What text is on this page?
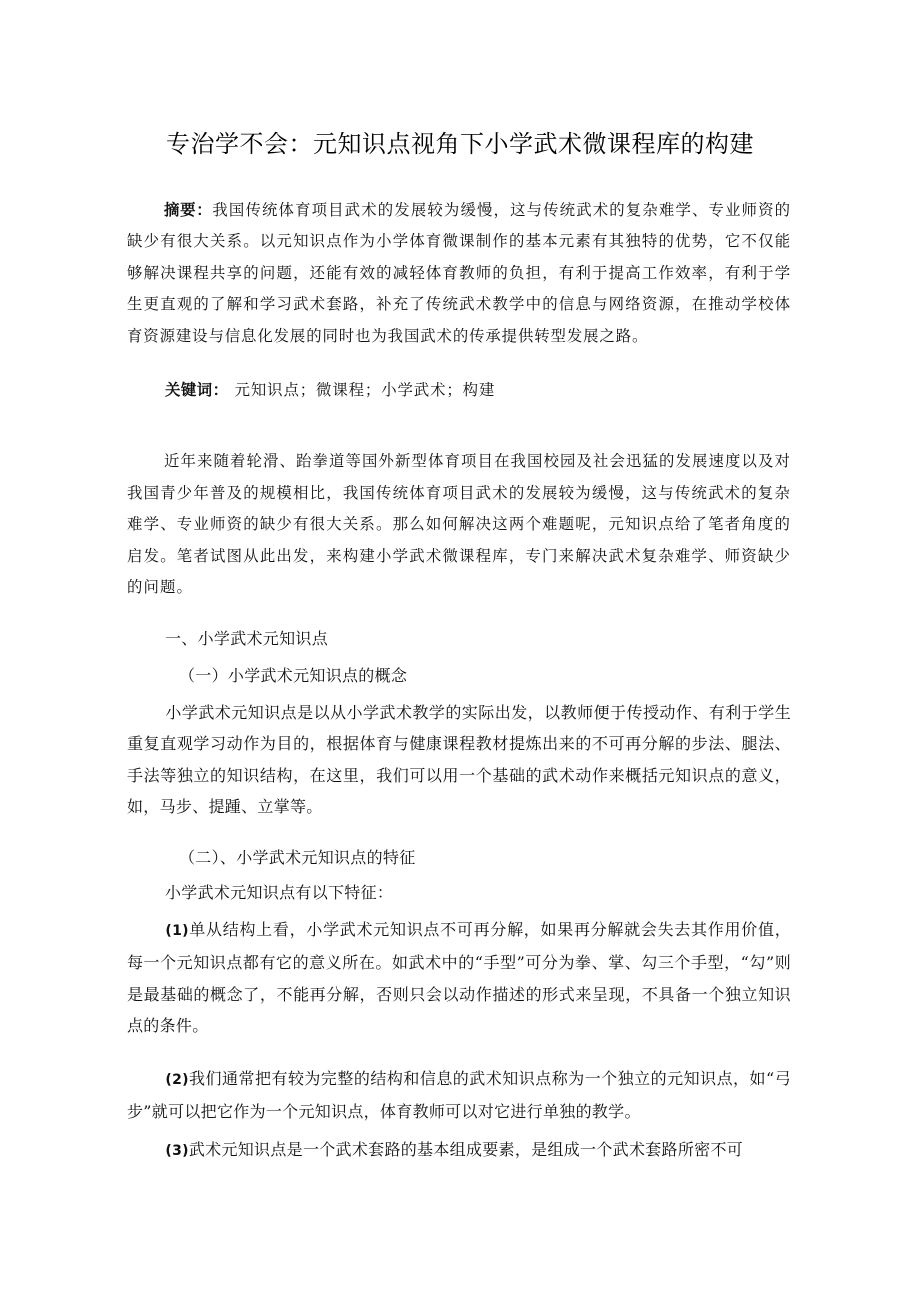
专治学不会：元知识点视角下小学武术微课程库的构建
摘要：我国传统体育项目武术的发展较为缓慢，这与传统武术的复杂难学、专业师资的缺少有很大关系。以元知识点作为小学体育微课制作的基本元素有其独特的优势，它不仅能够解决课程共享的问题，还能有效的减轻体育教师的负担，有利于提高工作效率，有利于学生更直观的了解和学习武术套路，补充了传统武术教学中的信息与网络资源，在推动学校体育资源建设与信息化发展的同时也为我国武术的传承提供转型发展之路。
关键词： 元知识点；微课程；小学武术；构建
近年来随着轮滑、跆拳道等国外新型体育项目在我国校园及社会迅猛的发展速度以及对我国青少年普及的规模相比，我国传统体育项目武术的发展较为缓慢，这与传统武术的复杂难学、专业师资的缺少有很大关系。那么如何解决这两个难题呢，元知识点给了笔者角度的启发。笔者试图从此出发，来构建小学武术微课程库，专门来解决武术复杂难学、师资缺少的问题。
一、小学武术元知识点
（一）小学武术元知识点的概念
小学武术元知识点是以从小学武术教学的实际出发，以教师便于传授动作、有利于学生重复直观学习动作为目的，根据体育与健康课程教材提炼出来的不可再分解的步法、腿法、手法等独立的知识结构，在这里，我们可以用一个基础的武术动作来概括元知识点的意义，如，马步、提踵、立掌等。
（二）、小学武术元知识点的特征
小学武术元知识点有以下特征：
(1)单从结构上看，小学武术元知识点不可再分解，如果再分解就会失去其作用价值，每一个元知识点都有它的意义所在。如武术中的“手型”可分为拳、掌、勾三个手型，“勾”则是最基础的概念了，不能再分解，否则只会以动作描述的形式来呈现，不具备一个独立知识点的条件。
(2)我们通常把有较为完整的结构和信息的武术知识点称为一个独立的元知识点，如“弓步”就可以把它作为一个元知识点，体育教师可以对它进行单独的教学。
(3)武术元知识点是一个武术套路的基本组成要素，是组成一个武术套路所密不可
